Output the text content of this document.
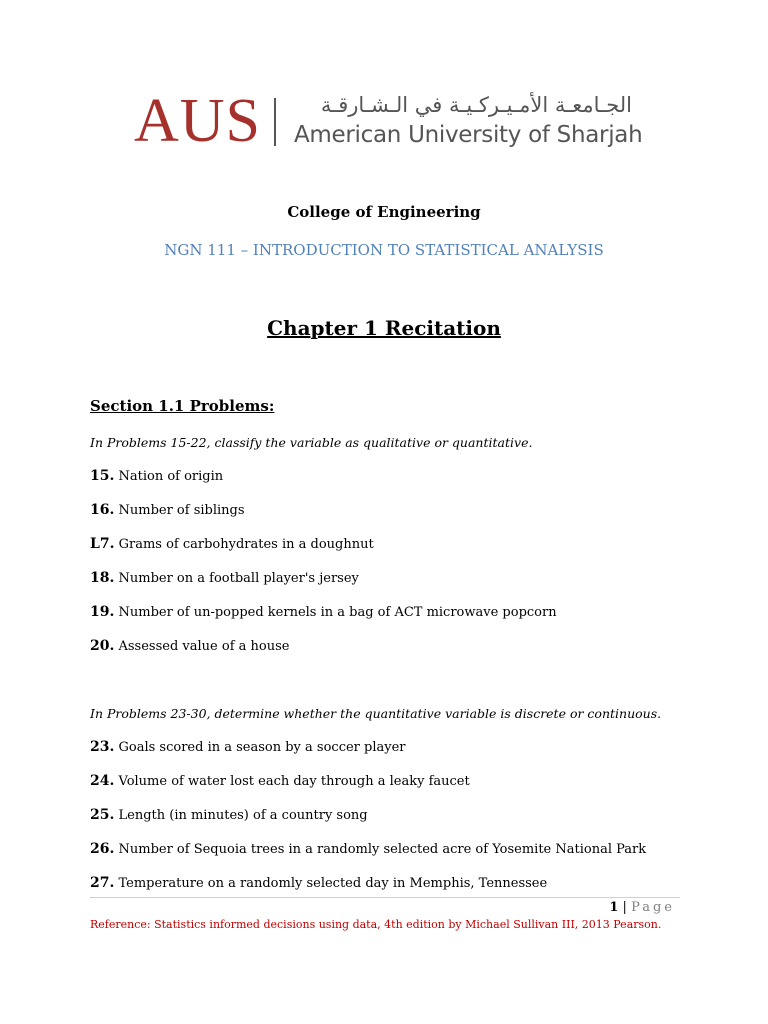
AUS	الجـامعـة الأمـيـركـيـة في الـشـارقـة
American University of Sharjah
College of Engineering
NGN 111 – INTRODUCTION TO STATISTICAL ANALYSIS
Chapter 1 Recitation
Section 1.1 Problems:
In Problems 15-22, classify the variable as qualitative or quantitative.
15. Nation of origin
16. Number of siblings
L7. Grams of carbohydrates in a doughnut
18. Number on a football player's jersey
19. Number of un-popped kernels in a bag of ACT microwave popcorn
20. Assessed value of a house
In Problems 23-30, determine whether the quantitative variable is discrete or continuous.
23. Goals scored in a season by a soccer player
24. Volume of water lost each day through a leaky faucet
25. Length (in minutes) of a country song
26. Number of Sequoia trees in a randomly selected acre of Yosemite National Park
27. Temperature on a randomly selected day in Memphis, Tennessee
1 | Page
Reference: Statistics informed decisions using data, 4th edition by Michael Sullivan III, 2013 Pearson.
